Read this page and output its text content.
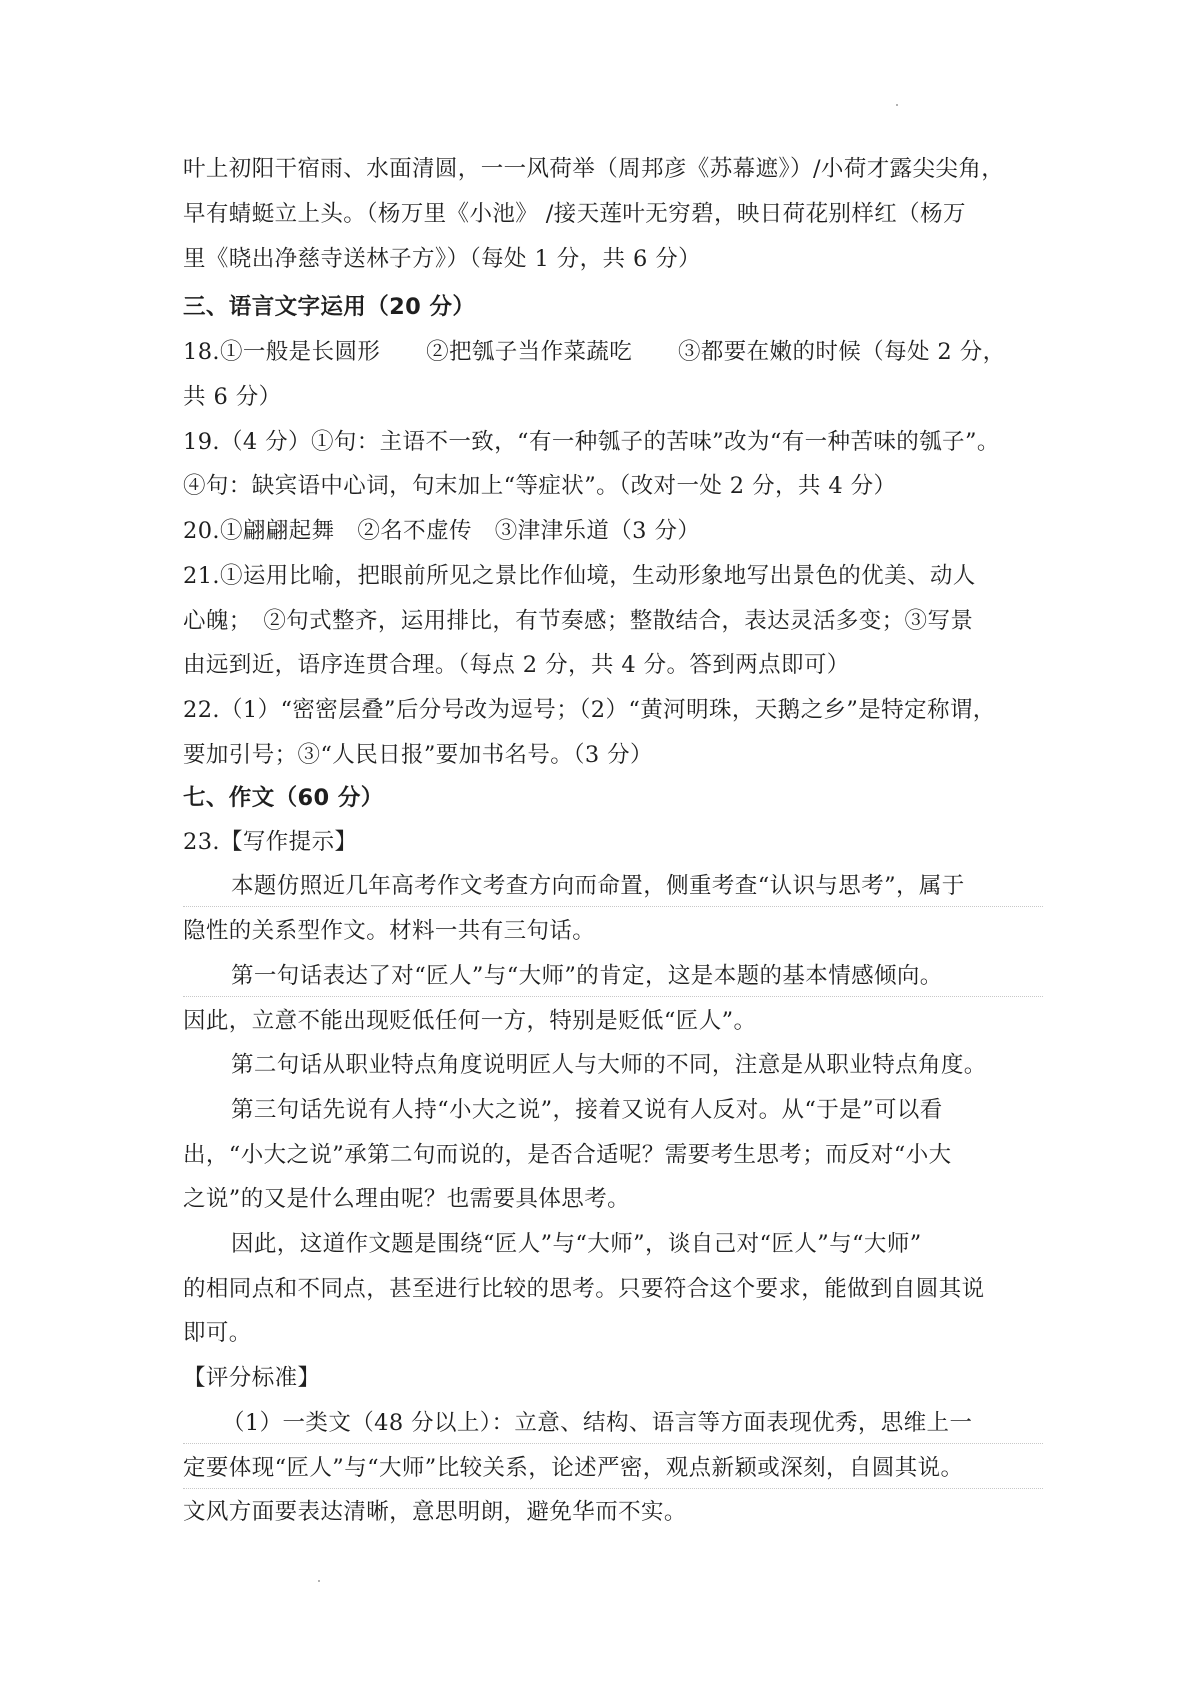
叶上初阳干宿雨、水面清圆，一一风荷举（周邦彦《苏幕遮》）/小荷才露尖尖角，
早有蜻蜓立上头。（杨万里《小池》 /接天莲叶无穷碧，映日荷花别样红（杨万
里《晓出净慈寺送林子方》）（每处 1 分，共 6 分）
三、语言文字运用（20 分）
18.①一般是长圆形　　②把瓠子当作菜蔬吃　　③都要在嫩的时候（每处 2 分，
共 6 分）
19.（4 分）①句：主语不一致，“有一种瓠子的苦味”改为“有一种苦味的瓠子”。
④句：缺宾语中心词，句末加上“等症状”。（改对一处 2 分，共 4 分）
20.①翩翩起舞　②名不虚传　③津津乐道（3 分）
21.①运用比喻，把眼前所见之景比作仙境，生动形象地写出景色的优美、动人
心魄；　②句式整齐，运用排比，有节奏感；整散结合，表达灵活多变；③写景
由远到近，语序连贯合理。（每点 2 分，共 4 分。答到两点即可）
22.（1）“密密层叠”后分号改为逗号；（2）“黄河明珠，天鹅之乡”是特定称谓，
要加引号；③“人民日报”要加书名号。（3 分）
七、作文（60 分）
23.【写作提示】
本题仿照近几年高考作文考查方向而命置，侧重考查“认识与思考”，属于
隐性的关系型作文。材料一共有三句话。
第一句话表达了对“匠人”与“大师”的肯定，这是本题的基本情感倾向。
因此，立意不能出现贬低任何一方，特别是贬低“匠人”。
第二句话从职业特点角度说明匠人与大师的不同，注意是从职业特点角度。
第三句话先说有人持“小大之说”，接着又说有人反对。从“于是”可以看
出，“小大之说”承第二句而说的，是否合适呢？需要考生思考；而反对“小大
之说”的又是什么理由呢？也需要具体思考。
因此，这道作文题是围绕“匠人”与“大师”，谈自己对“匠人”与“大师”
的相同点和不同点，甚至进行比较的思考。只要符合这个要求，能做到自圆其说
即可。
【评分标准】
（1）一类文（48 分以上）：立意、结构、语言等方面表现优秀，思维上一
定要体现“匠人”与“大师”比较关系，论述严密，观点新颖或深刻，自圆其说。
文风方面要表达清晰，意思明朗，避免华而不实。
